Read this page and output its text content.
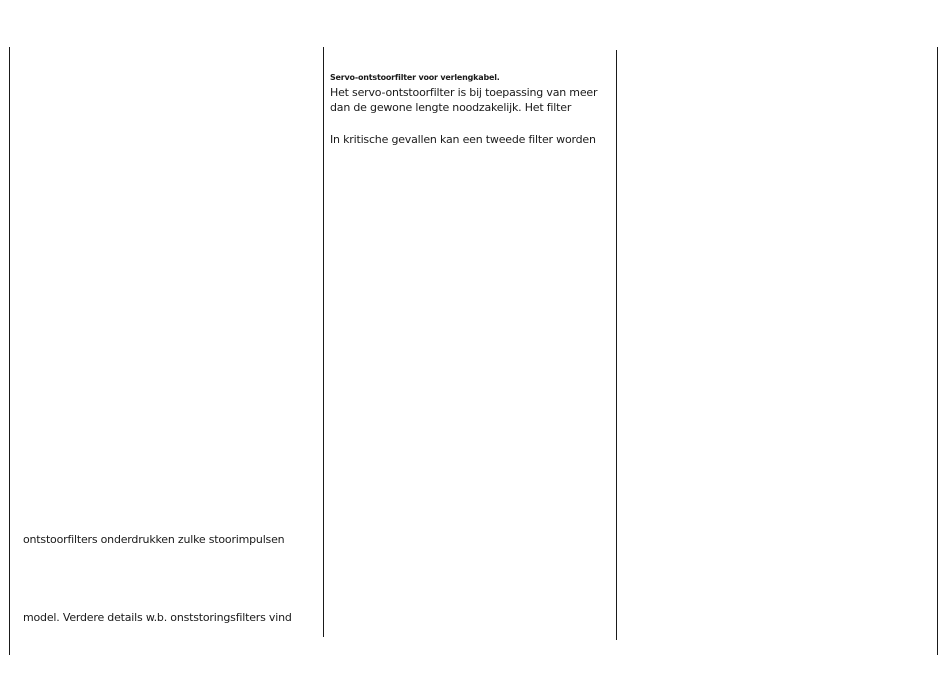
ontstoorfilters onderdrukken zulke stoorimpulsen
model. Verdere details w.b. onststoringsfilters vind
Servo-ontstoorfilter voor verlengkabel.
Het servo-ontstoorfilter is bij toepassing van meer
dan de gewone lengte noodzakelijk. Het filter
In kritische gevallen kan een tweede filter worden
